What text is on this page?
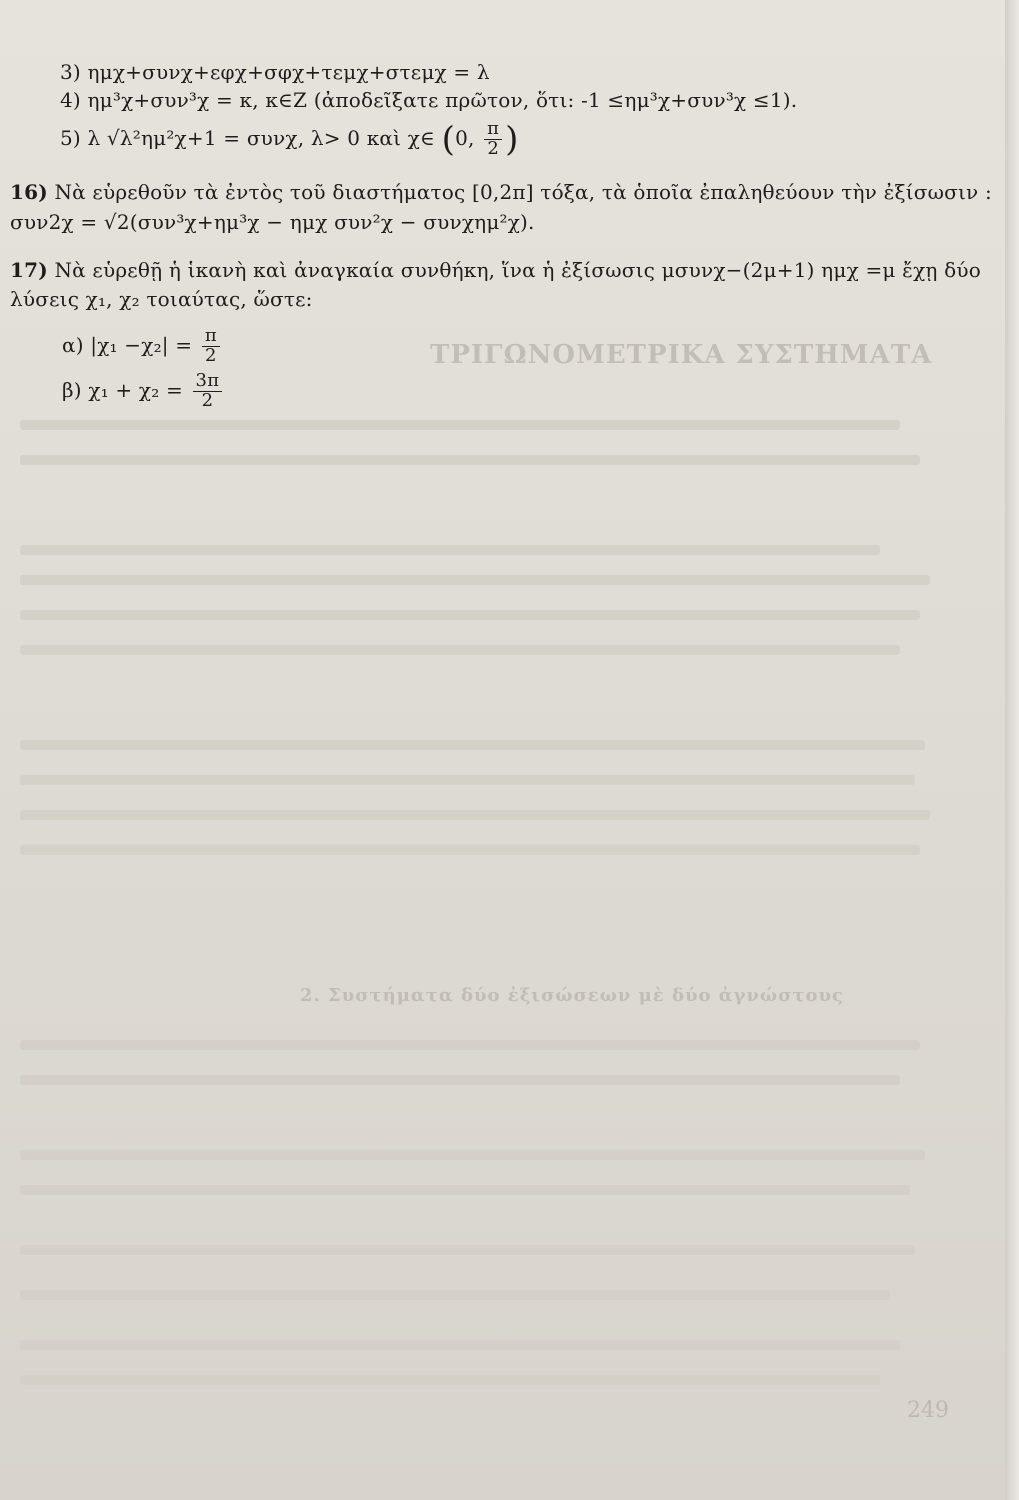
ΤΡΙΓΩΝΟΜΕΤΡΙΚΑ ΣΥΣΤΗΜΑΤΑ
2. Συστήματα δύο ἐξισώσεων μὲ δύο ἀγνώστους
249
3) ημχ+συνχ+εφχ+σφχ+τεμχ+στεμχ = λ
4) ημ³χ+συν³χ = κ, κ∈Z (ἀποδεῖξατε πρῶτον, ὅτι: -1 ≤ημ³χ+συν³χ ≤1).
5) λ √λ²ημ²χ+1 = συνχ, λ> 0 καὶ χ∈ (0, $\frac{\pi}{2}$ )
16) Νὰ εὑρεθοῦν τὰ ἐντὸς τοῦ διαστήματος [0,2π] τόξα, τὰ ὁποῖα ἐπαληθεύουν τὴν ἐξίσωσιν :
συν2χ = √2(συν³χ+ημ³χ − ημχ συν²χ − συνχημ²χ).
17) Νὰ εὑρεθῇ ἡ ἱκανὴ καὶ ἀναγκαία συνθήκη, ἵνα ἡ ἐξίσωσις μσυνχ−(2μ+1) ημχ =μ ἔχῃ δύο
λύσεις χ₁, χ₂ τοιαύτας, ὥστε:
α) $|\chi_1 -\chi_2| = \frac{\pi}{2}$
β) $\chi_1 + \chi_2 = \frac{3\pi}{2}$
